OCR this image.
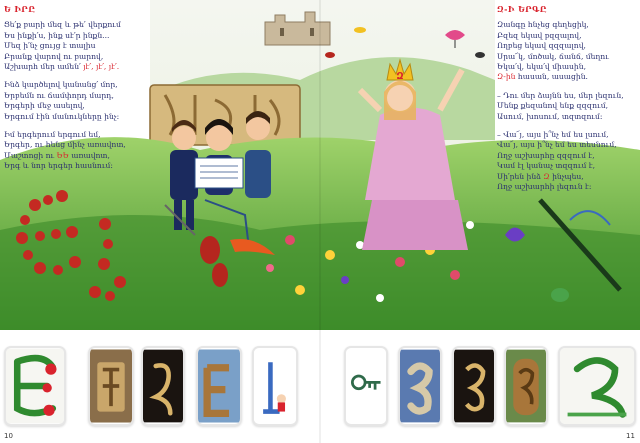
Զ
Ե ԻՐԸ
Ցե՛ք բարի մեզ և թե՛ վերքում
Ես ինքի՛ս, ինք սէ՛ր ինքն...
Մեզ ի՛նչ ցույց է տալիս
Բրանք վարով ու բարով,
Աշխարհ մեր ամեն՛ յէ՛, յէ՛, յէ՛.
Ինձ կարծելով կանանց՛ մոր,
Երբեմն ու ճամփորդ մարդ,
Երգերի մեջ ասելով,
Երգում էին մանուկները ինչ։
Իմ երգերում երգում եմ,
Երգեր, ու հենց մինչ առավոտ,
Մաշտոցի ու ԵԵ առավոտ,
Երգ և նոր երգեր հասնում։
Զ-Ի ԵՐԳԸ
Զանգը հնչեց գեղեցիկ,
Բզեզ եկավ բզզալով,
Ողբեց եկավ զզզալով,
Սրա՜կ, մոծակ, ճանճ, մեղու
Եկա՛վ, եկա՛վ միասին,
Զ-ին հասան, ասացին.
– Դու մեր ձայնն ես, մեր լեզուն,
Մենք քեզանով ենք զզզում,
Ասում, խոսում, տզտզում։
– Վա՜յ, այս ի՞նչ եմ ես լսում,
Վա՜յ, այս ի՞նչ եմ ես տեսնում,
Ողջ աշխարհը զզզում է,
Կամ էլ կանաչ տզզում է,
Սի՛րեն ինձ Զ ինչպես,
Ողջ աշխարհի լեզուն է։
10	11
